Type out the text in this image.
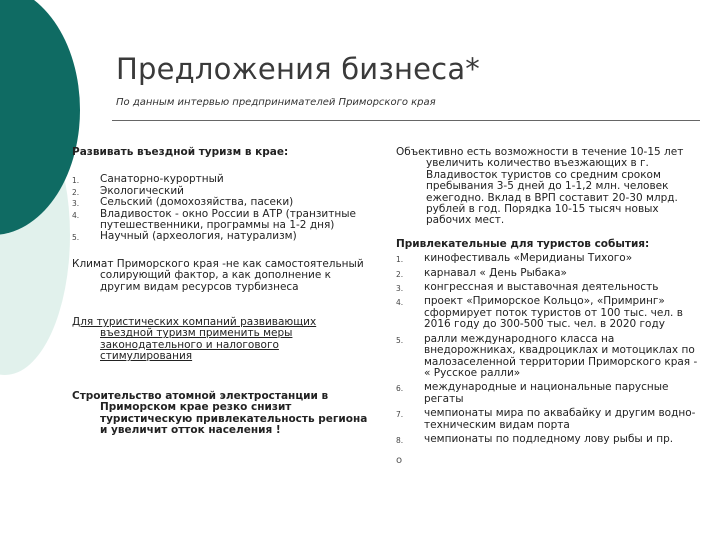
Предложения бизнеса*
По данным интервью предпринимателей Приморского края
Развивать въездной туризм в крае:
1. Санаторно-курортный
2. Экологический
3. Сельский (домохозяйства, пасеки)
4. Владивосток - окно России в АТР (транзитные путешественники, программы на 1-2 дня)
5. Научный (археология, натурализм)
Климат Приморского края -не как самостоятельный солирующий фактор, а как дополнение к другим видам ресурсов турбизнеса
Для туристических компаний развивающих въездной туризм применить меры законодательного и налогового стимулирования
Строительство атомной электростанции в Приморском крае резко снизит туристическую привлекательность региона и увеличит отток населения !
Объективно есть возможности в течение 10-15 лет увеличить количество въезжающих в г. Владивосток туристов со средним сроком пребывания 3-5 дней до 1-1,2 млн. человек ежегодно. Вклад в ВРП составит 20-30 млрд. рублей в год. Порядка 10-15 тысяч новых рабочих мест.
Привлекательные для туристов события:
1. кинофестиваль «Меридианы Тихого»
2. карнавал « День Рыбака»
3. конгрессная и выставочная деятельность
4. проект «Приморское Кольцо», «Примринг» сформирует поток туристов от 100 тыс. чел. в 2016 году до 300-500 тыс. чел. в 2020 году
5. ралли международного класса на внедорожниках, квадроциклах и мотоциклах по малозаселенной территории Приморского края - « Русское ралли»
6. международные и национальные парусные регаты
7. чемпионаты мира по аквабайку и другим водно-техническим видам порта
8. чемпионаты по подледному лову рыбы и пр.
o
